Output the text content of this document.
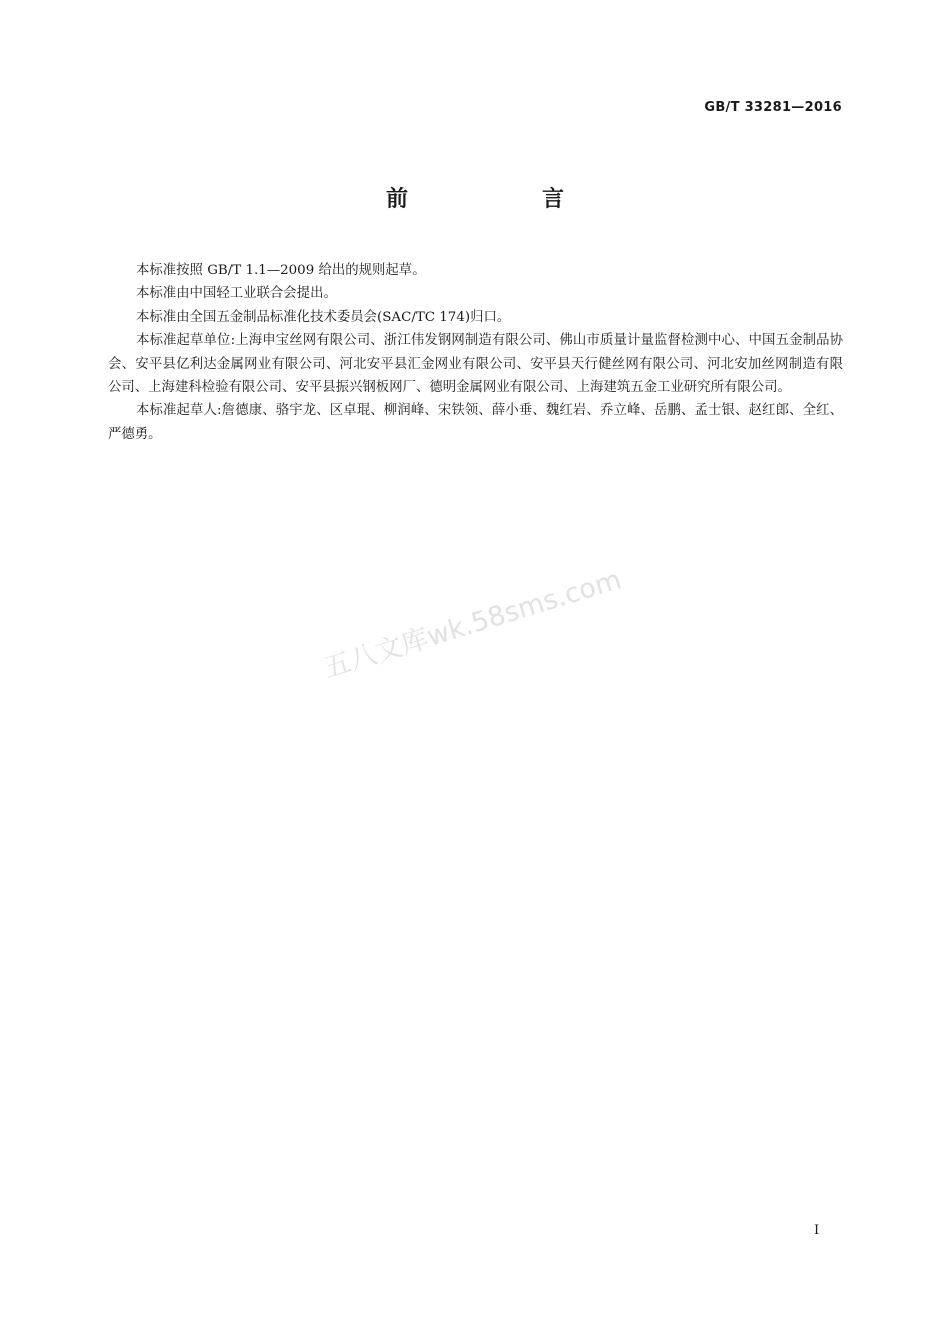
GB/T 33281—2016
前　言

本标准按照 GB/T 1.1—2009 给出的规则起草。

本标准由中国轻工业联合会提出。

本标准由全国五金制品标准化技术委员会(SAC/TC 174)归口。

本标准起草单位:上海申宝丝网有限公司、浙江伟发钢网制造有限公司、佛山市质量计量监督检测中心、中国五金制品协会、安平县亿利达金属网业有限公司、河北安平县汇金网业有限公司、安平县天行健丝网有限公司、河北安加丝网制造有限公司、上海建科检验有限公司、安平县振兴钢板网厂、德明金属网业有限公司、上海建筑五金工业研究所有限公司。

本标准起草人:詹德康、骆宇龙、区卓琨、柳润峰、宋铁领、薛小垂、魏红岩、乔立峰、岳鹏、孟士银、赵红郎、全红、严德勇。

五八文库wk.58sms.com
I
